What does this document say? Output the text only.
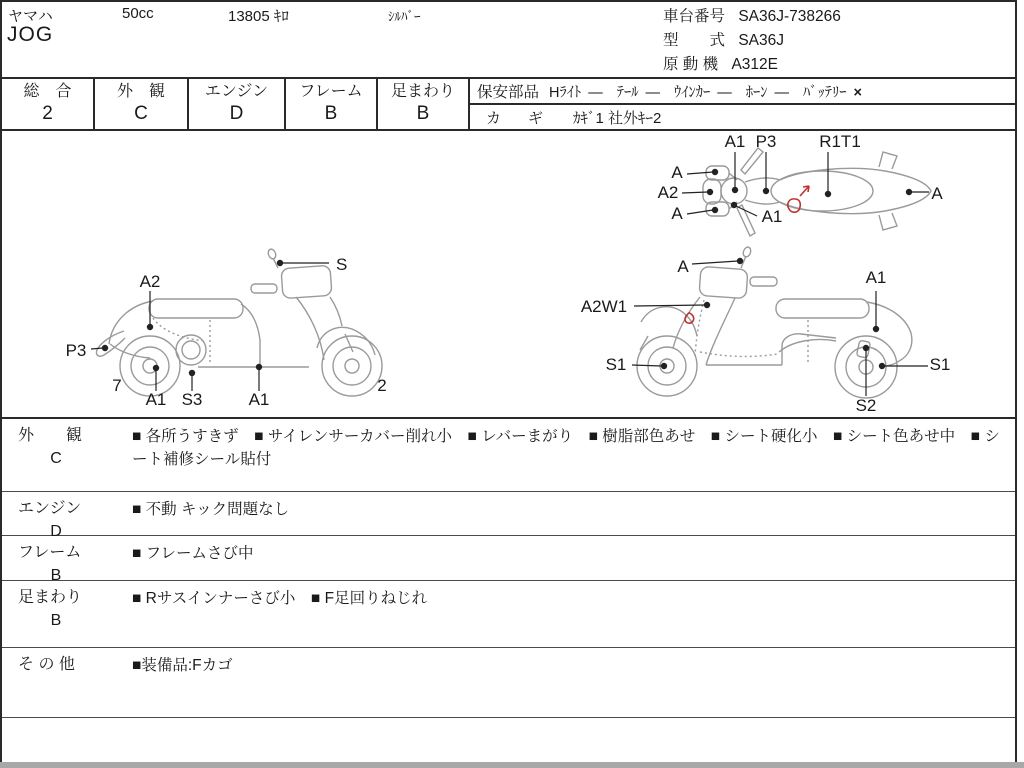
ヤマハ	50cc	13805 ｷﾛ	ｼﾙﾊﾞｰ
JOG
車台番号 SA36J-738266
型　　式 SA36J
原 動 機 A312E
総　合
2
外　観
C
エンジン
D
フレーム
B
足まわり
B
保安部品 Hﾗｲﾄ — ﾃｰﾙ — ｳｲﾝｶｰ — ﾎｰﾝ — ﾊﾞｯﾃﾘｰ ×
カ　ギ ｶｷﾞ1 社外ｷｰ2
A2
S
P3
7
A1 S3	A1
2
A
A2W1
A1
S1	S1
S2
A1 P3	R1T1
A
A2
A	A1
A
外　　観
C
■ 各所うすきず　■ サイレンサーカバー削れ小　■ レバーまがり　■ 樹脂部色あせ　■ シート硬化小　■ シート色あせ中　■ シート補修シール貼付
エンジン
D
■ 不動 キック問題なし
フレーム
B
■ フレームさび中
足まわり
B
■ Rサスインナーさび小　■ F足回りねじれ
そ の 他	■装備品:Fカゴ
